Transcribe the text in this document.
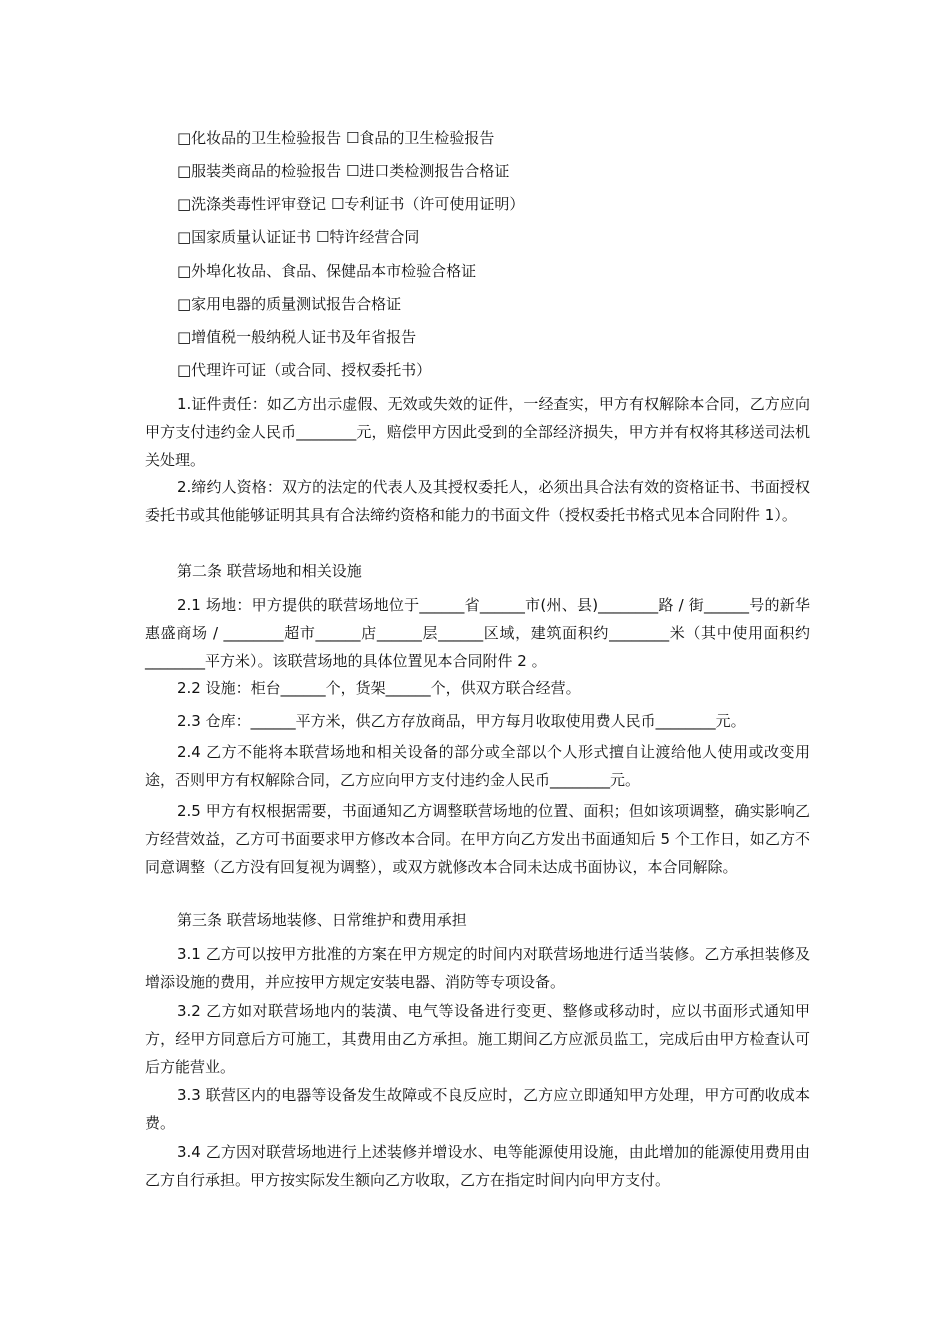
□化妆品的卫生检验报告 ☐食品的卫生检验报告
□服装类商品的检验报告 ☐进口类检测报告合格证
□洗涤类毒性评审登记 ☐专利证书（许可使用证明）
□国家质量认证证书 ☐特许经营合同
□外埠化妆品、食品、保健品本市检验合格证
□家用电器的质量测试报告合格证
□增值税一般纳税人证书及年省报告
□代理许可证（或合同、授权委托书）
1.证件责任：如乙方出示虚假、无效或失效的证件，一经查实，甲方有权解除本合同，乙方应向甲方支付违约金人民币________元，赔偿甲方因此受到的全部经济损失，甲方并有权将其移送司法机关处理。
2.缔约人资格：双方的法定的代表人及其授权委托人，必须出具合法有效的资格证书、书面授权委托书或其他能够证明其具有合法缔约资格和能力的书面文件（授权委托书格式见本合同附件 1）。
第二条 联营场地和相关设施
2.1 场地：甲方提供的联营场地位于______省______市(州、县)________路 / 街______号的新华惠盛商场 / ________超市______店______层______区域，建筑面积约________米（其中使用面积约________平方米）。该联营场地的具体位置见本合同附件 2 。
2.2 设施：柜台______个，货架______个，供双方联合经营。
2.3 仓库：______平方米，供乙方存放商品，甲方每月收取使用费人民币________元。
2.4 乙方不能将本联营场地和相关设备的部分或全部以个人形式擅自让渡给他人使用或改变用途，否则甲方有权解除合同，乙方应向甲方支付违约金人民币________元。
2.5 甲方有权根据需要，书面通知乙方调整联营场地的位置、面积；但如该项调整，确实影响乙方经营效益，乙方可书面要求甲方修改本合同。在甲方向乙方发出书面通知后 5 个工作日，如乙方不同意调整（乙方没有回复视为调整），或双方就修改本合同未达成书面协议，本合同解除。
第三条 联营场地装修、日常维护和费用承担
3.1 乙方可以按甲方批准的方案在甲方规定的时间内对联营场地进行适当装修。乙方承担装修及增添设施的费用，并应按甲方规定安装电器、消防等专项设备。
3.2 乙方如对联营场地内的装潢、电气等设备进行变更、整修或移动时，应以书面形式通知甲方，经甲方同意后方可施工，其费用由乙方承担。施工期间乙方应派员监工，完成后由甲方检查认可后方能营业。
3.3 联营区内的电器等设备发生故障或不良反应时，乙方应立即通知甲方处理，甲方可酌收成本费。
3.4 乙方因对联营场地进行上述装修并增设水、电等能源使用设施，由此增加的能源使用费用由乙方自行承担。甲方按实际发生额向乙方收取，乙方在指定时间内向甲方支付。
